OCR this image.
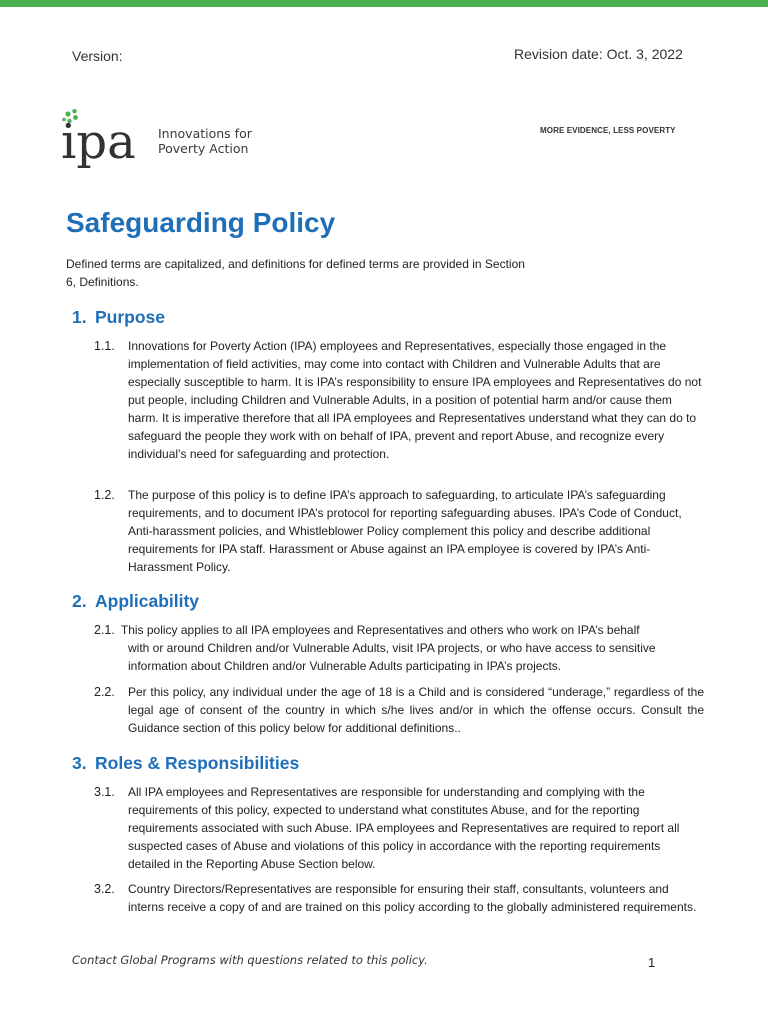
Version:	Revision date: Oct. 3, 2022
ipa Innovations for
Poverty Action
MORE EVIDENCE, LESS POVERTY
Safeguarding Policy
Defined terms are capitalized, and definitions for defined terms are provided in Section 6, Definitions.
1. Purpose
1.1.	Innovations for Poverty Action (IPA) employees and Representatives, especially those engaged in the implementation of field activities, may come into contact with Children and Vulnerable Adults that are especially susceptible to harm. It is IPA’s responsibility to ensure IPA employees and Representatives do not put people, including Children and Vulnerable Adults, in a position of potential harm and/or cause them harm. It is imperative therefore that all IPA employees and Representatives understand what they can do to safeguard the people they work with on behalf of IPA, prevent and report Abuse, and recognize every individual’s need for safeguarding and protection.
1.2.	The purpose of this policy is to define IPA’s approach to safeguarding, to articulate IPA’s safeguarding requirements, and to document IPA’s protocol for reporting safeguarding abuses. IPA’s Code of Conduct, Anti-harassment policies, and Whistleblower Policy complement this policy and describe additional requirements for IPA staff. Harassment or Abuse against an IPA employee is covered by IPA’s Anti-Harassment Policy.
2. Applicability
2.1. This policy applies to all IPA employees and Representatives and others who work on IPA’s behalf
with or around Children and/or Vulnerable Adults, visit IPA projects, or who have access to sensitive information about Children and/or Vulnerable Adults participating in IPA’s projects.
2.2.	Per this policy, any individual under the age of 18 is a Child and is considered “underage,” regardless of the legal age of consent of the country in which s/he lives and/or in which the offense occurs. Consult the Guidance section of this policy below for additional definitions..
3. Roles & Responsibilities
3.1.	All IPA employees and Representatives are responsible for understanding and complying with the requirements of this policy, expected to understand what constitutes Abuse, and for the reporting requirements associated with such Abuse. IPA employees and Representatives are required to report all suspected cases of Abuse and violations of this policy in accordance with the reporting requirements detailed in the Reporting Abuse Section below.
3.2.	Country Directors/Representatives are responsible for ensuring their staff, consultants, volunteers and interns receive a copy of and are trained on this policy according to the globally administered requirements.
Contact Global Programs with questions related to this policy.	1
